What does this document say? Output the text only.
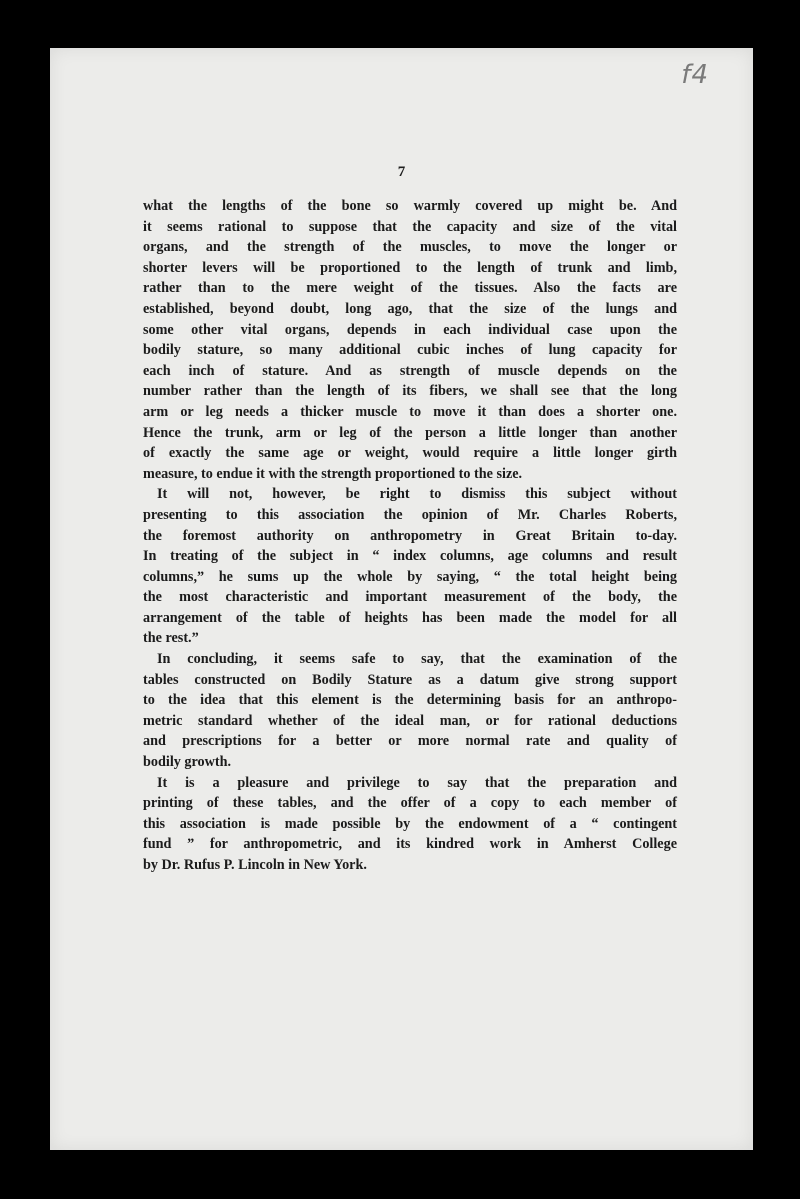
f4
7

what the lengths of the bone so warmly covered up might be. And

it seems rational to suppose that the capacity and size of the vital

organs, and the strength of the muscles, to move the longer or

shorter levers will be proportioned to the length of trunk and limb,

rather than to the mere weight of the tissues. Also the facts are

established, beyond doubt, long ago, that the size of the lungs and

some other vital organs, depends in each individual case upon the

bodily stature, so many additional cubic inches of lung capacity for

each inch of stature. And as strength of muscle depends on the

number rather than the length of its fibers, we shall see that the long

arm or leg needs a thicker muscle to move it than does a shorter one.

Hence the trunk, arm or leg of the person a little longer than another

of exactly the same age or weight, would require a little longer girth

measure, to endue it with the strength proportioned to the size.

It will not, however, be right to dismiss this subject without

presenting to this association the opinion of Mr. Charles Roberts,

the foremost authority on anthropometry in Great Britain to-day.

In treating of the subject in “ index columns, age columns and result

columns,” he sums up the whole by saying, “ the total height being

the most characteristic and important measurement of the body, the

arrangement of the table of heights has been made the model for all

the rest.”

In concluding, it seems safe to say, that the examination of the

tables constructed on Bodily Stature as a datum give strong support

to the idea that this element is the determining basis for an anthropo-

metric standard whether of the ideal man, or for rational deductions

and prescriptions for a better or more normal rate and quality of

bodily growth.

It is a pleasure and privilege to say that the preparation and

printing of these tables, and the offer of a copy to each member of

this association is made possible by the endowment of a “ contingent

fund ” for anthropometric, and its kindred work in Amherst College

by Dr. Rufus P. Lincoln in New York.
